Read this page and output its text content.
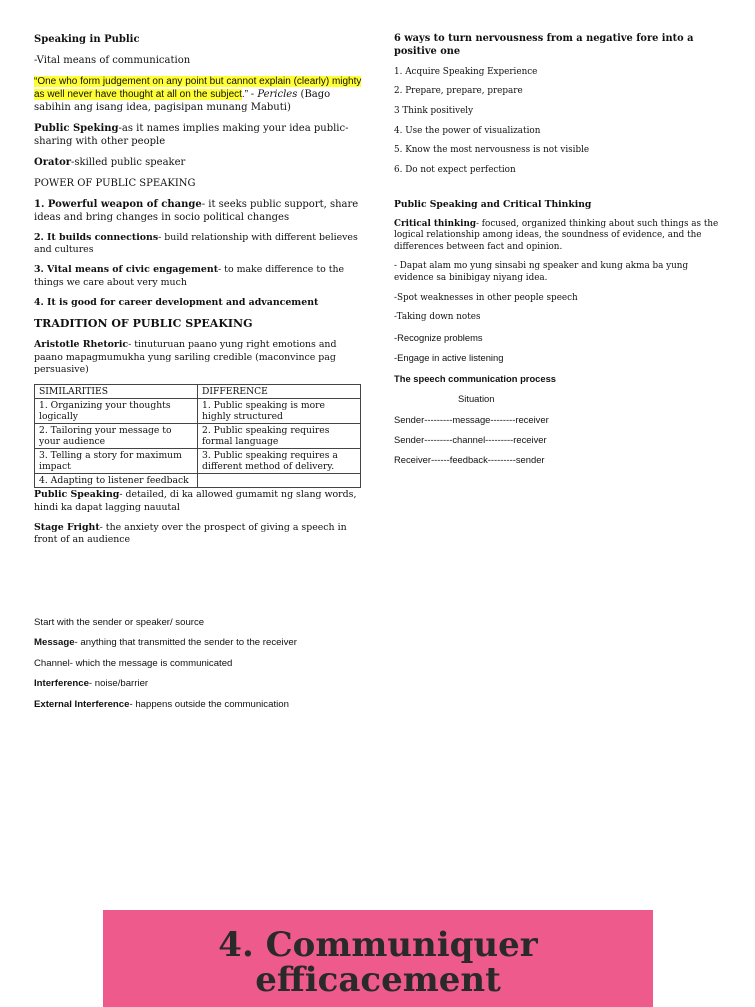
Speaking in Public

-Vital means of communication

“One who form judgement on any point but cannot explain (clearly) mighty as well never have thought at all on the subject.” - Pericles (Bago sabihin ang isang idea, pagisipan munang Mabuti)

Public Speking-as it names implies making your idea public- sharing with other people

Orator-skilled public speaker

POWER OF PUBLIC SPEAKING

1. Powerful weapon of change- it seeks public support, share ideas and bring changes in socio political changes

2. It builds connections- build relationship with different believes and cultures

3. Vital means of civic engagement- to make difference to the things we care about very much

4. It is good for career development and advancement

TRADITION OF PUBLIC SPEAKING

Aristotle Rhetoric- tinuturuan paano yung right emotions and paano mapagmumukha yung sariling credible (maconvince pag persuasive)

SIMILARITIES	DIFFERENCE
1. Organizing your thoughts logically	1. Public speaking is more highly structured
2. Tailoring your message to your audience	2. Public speaking requires formal language
3. Telling a story for maximum impact	3. Public speaking requires a different method of delivery.
4. Adapting to listener feedback	

Public Speaking- detailed, di ka allowed gumamit ng slang words, hindi ka dapat lagging nauutal

Stage Fright- the anxiety over the prospect of giving a speech in front of an audience

Start with the sender or speaker/ source

Message- anything that transmitted the sender to the receiver

Channel- which the message is communicated

Interference- noise/barrier

External Interference- happens outside the communication

6 ways to turn nervousness from a negative fore into a positive one

1. Acquire Speaking Experience

2. Prepare, prepare, prepare

3 Think positively

4. Use the power of visualization

5. Know the most nervousness is not visible

6. Do not expect perfection

Public Speaking and Critical Thinking

Critical thinking- focused, organized thinking about such things as the logical relationship among ideas, the soundness of evidence, and the differences between fact and opinion.

- Dapat alam mo yung sinsabi ng speaker and kung akma ba yung evidence sa binibigay niyang idea.

-Spot weaknesses in other people speech

-Taking down notes

-Recognize problems

-Engage in active listening

The speech communication process

Situation

Sender---------message--------receiver

Sender---------channel---------receiver

Receiver------feedback---------sender

4. Communiquer efficacement
